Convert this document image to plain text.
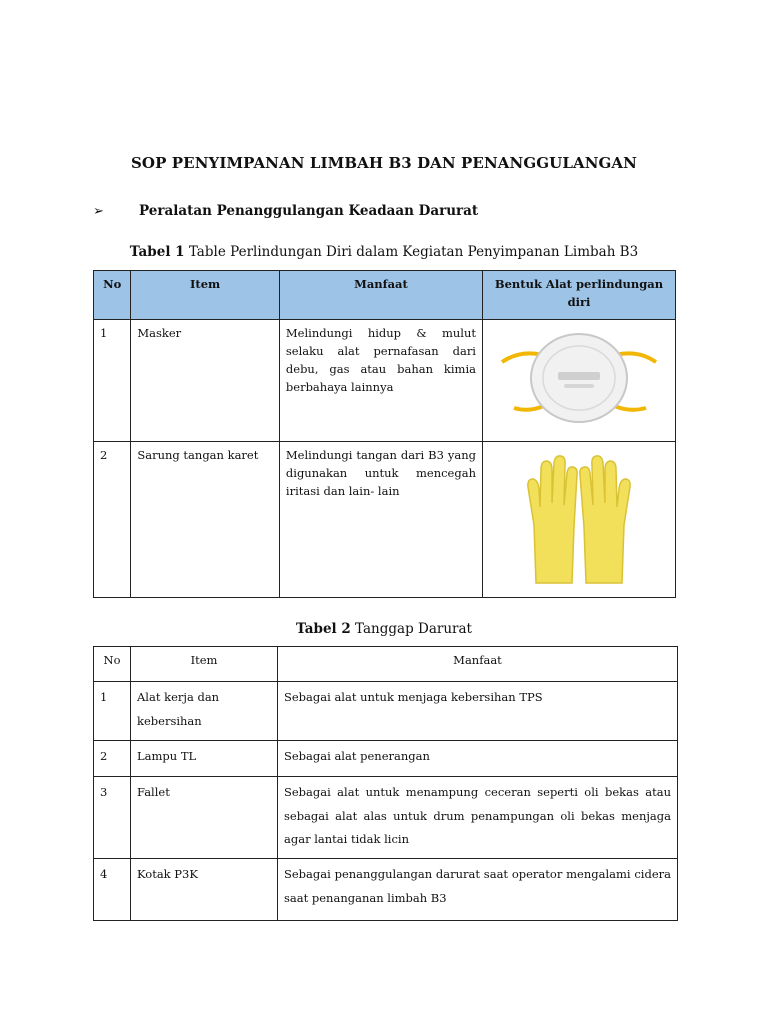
SOP PENYIMPANAN LIMBAH B3 DAN PENANGGULANGAN
➢	Peralatan Penanggulangan Keadaan Darurat
Tabel 1 Table Perlindungan Diri dalam Kegiatan Penyimpanan Limbah B3
No	Item	Manfaat	Bentuk Alat perlindungan diri
1	Masker	Melindungi hidup & mulut selaku alat pernafasan dari debu, gas atau bahan kimia berbahaya lainnya	
2	Sarung tangan karet	Melindungi tangan dari B3 yang digunakan untuk mencegah iritasi dan lain- lain	
Tabel 2 Tanggap Darurat
No	Item	Manfaat
1	Alat kerja dan kebersihan	Sebagai alat untuk menjaga kebersihan TPS
2	Lampu TL	Sebagai alat penerangan
3	Fallet	Sebagai alat untuk menampung ceceran seperti oli bekas atau sebagai alat alas untuk drum penampungan oli bekas menjaga agar lantai tidak licin
4	Kotak P3K	Sebagai penanggulangan darurat saat operator mengalami cidera saat penanganan limbah B3
